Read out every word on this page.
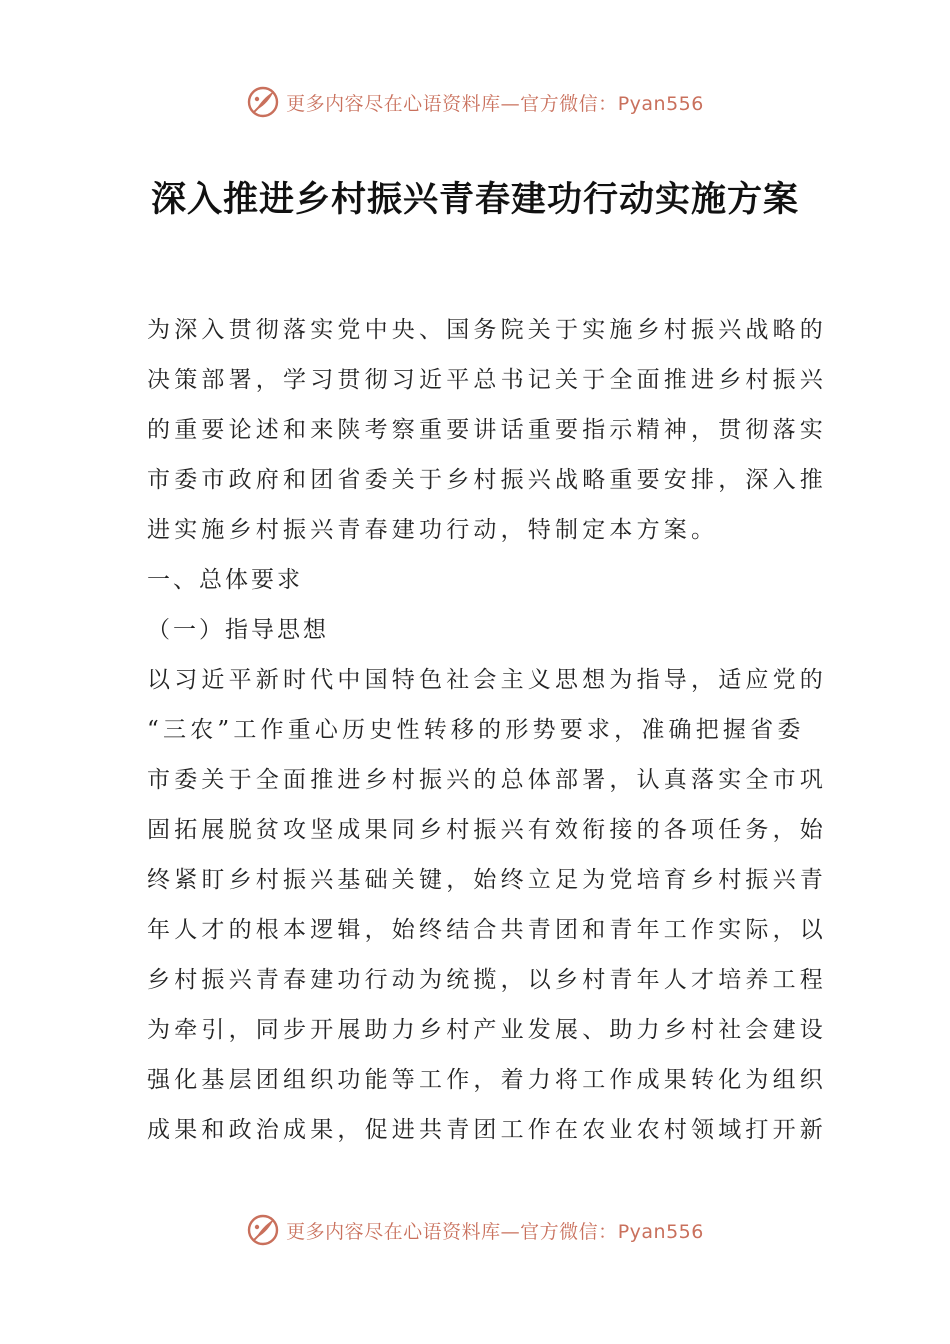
更多内容尽在心语资料库—官方微信：Pyan556
深入推进乡村振兴青春建功行动实施方案

为深入贯彻落实党中央、国务院关于实施乡村振兴战略的

决策部署，学习贯彻习近平总书记关于全面推进乡村振兴

的重要论述和来陕考察重要讲话重要指示精神，贯彻落实

市委市政府和团省委关于乡村振兴战略重要安排，深入推

进实施乡村振兴青春建功行动，特制定本方案。

一、总体要求

（一）指导思想

以习近平新时代中国特色社会主义思想为指导，适应党的

“三农”工作重心历史性转移的形势要求，准确把握省委

市委关于全面推进乡村振兴的总体部署，认真落实全市巩

固拓展脱贫攻坚成果同乡村振兴有效衔接的各项任务，始

终紧盯乡村振兴基础关键，始终立足为党培育乡村振兴青

年人才的根本逻辑，始终结合共青团和青年工作实际，以

乡村振兴青春建功行动为统揽，以乡村青年人才培养工程

为牵引，同步开展助力乡村产业发展、助力乡村社会建设

强化基层团组织功能等工作，着力将工作成果转化为组织

成果和政治成果，促进共青团工作在农业农村领域打开新

更多内容尽在心语资料库—官方微信：Pyan556
